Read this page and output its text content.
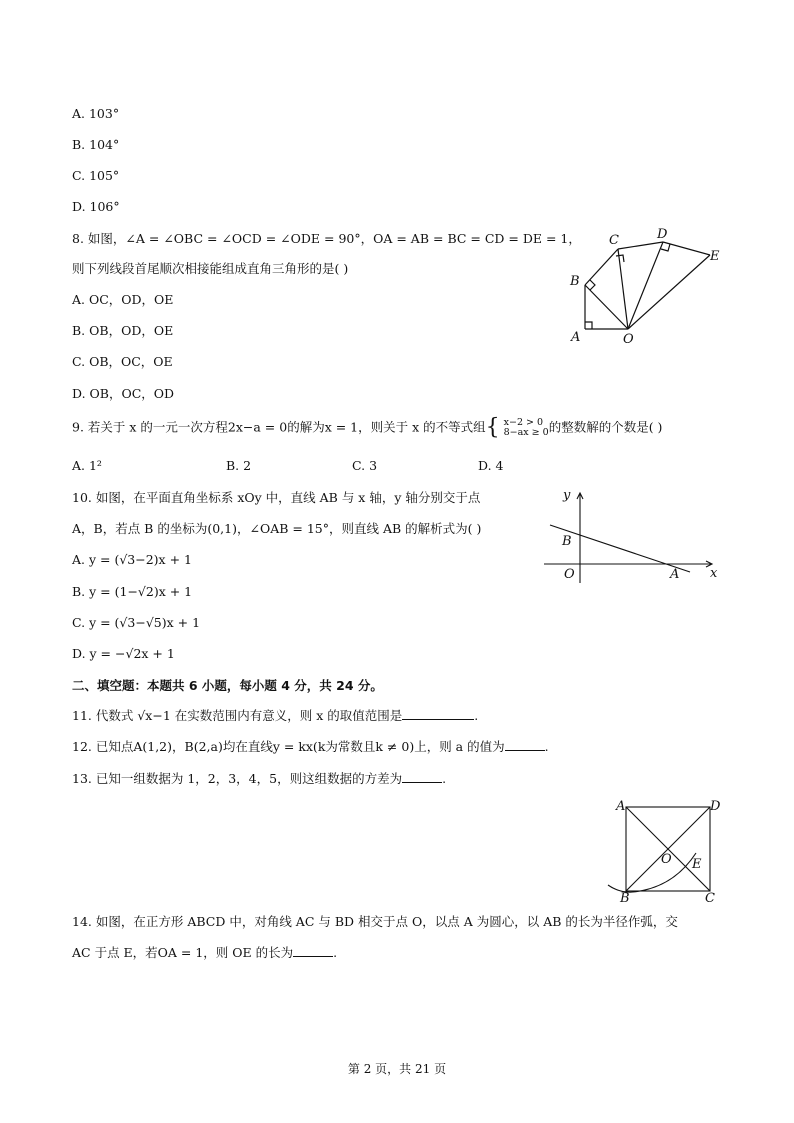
A. 103°
B. 104°
C. 105°
D. 106°
8. 如图，∠A = ∠OBC = ∠OCD = ∠ODE = 90°，OA = AB = BC = CD = DE = 1，
则下列线段首尾顺次相接能组成直角三角形的是( )
A. OC，OD，OE
B. OB，OD，OE
C. OB，OC，OE
D. OB，OC，OD
A
B
C	D
E
O
9. 若关于 x 的一元一次方程2x−a = 0的解为x = 1，则关于 x 的不等式组{ x−2 > 0
8−ax ≥ 0的整数解的个数是( )
A. 1²	B. 2	C. 3	D. 4
10. 如图，在平面直角坐标系 xOy 中，直线 AB 与 x 轴，y 轴分别交于点
A，B，若点 B 的坐标为(0,1)，∠OAB = 15°，则直线 AB 的解析式为( )
A. y = (√3−2)x + 1
B. y = (1−√2)x + 1
C. y = (√3−√5)x + 1
D. y = −√2x + 1
y
x
O
B
A
二、填空题：本题共 6 小题，每小题 4 分，共 24 分。
11. 代数式 √x−1 在实数范围内有意义，则 x 的取值范围是	.
12. 已知点A(1,2)，B(2,a)均在直线y = kx(k为常数且k ≠ 0)上，则 a 的值为	.
13. 已知一组数据为 1，2，3，4，5，则这组数据的方差为	.
A	D
O E
B	C
14. 如图，在正方形 ABCD 中，对角线 AC 与 BD 相交于点 O，以点 A 为圆心，以 AB 的长为半径作弧，交
AC 于点 E，若OA = 1，则 OE 的长为	.
第 2 页，共 21 页
